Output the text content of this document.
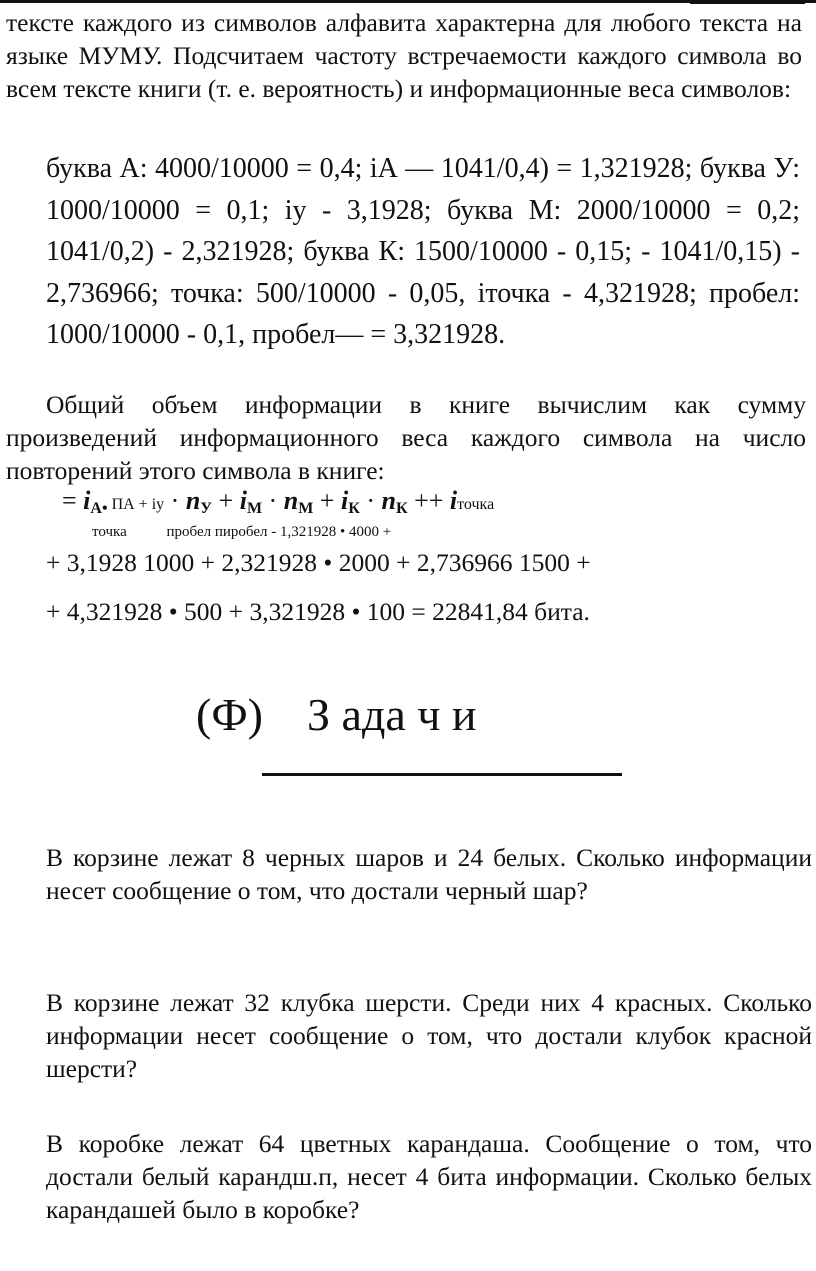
тексте каждого из символов алфавита характерна для любого текста на языке МУМУ. Подсчитаем частоту встречаемости каждого символа во всем тексте книги (т. е. вероятность) и информационные веса символов:

буква А: 4000/10000 = 0,4; iА — 1041/0,4) = 1,321928; буква У: 1000/10000 = 0,1; iу - 3,1928; буква М: 2000/10000 = 0,2; 1041/0,2) - 2,321928; буква К: 1500/10000 - 0,15; - 1041/0,15) - 2,736966; точка: 500/10000 - 0,05, iточка - 4,321928; пробел: 1000/10000 - 0,1, пробел— = 3,321928.

Общий объем информации в книге вычислим как сумму произведений информационного веса каждого символа на число повторений этого символа в книге:

= $i_{А•}$ ПА + iу · $n_У + i_М \cdot n_М + i_К \cdot n_К$ ++ iточка
точка	пробел пиробел - 1,321928 • 4000 +
+ 3,1928 1000 + 2,321928 • 2000 + 2,736966 1500 +
+ 4,321928 • 500 + 3,321928 • 100 = 22841,84 бита.
(Ф) З ада ч и

В корзине лежат 8 черных шаров и 24 белых. Сколько информации несет сообщение о том, что достали черный шар?

В корзине лежат 32 клубка шерсти. Среди них 4 красных. Сколько информации несет сообщение о том, что достали клубок красной шерсти?

В коробке лежат 64 цветных карандаша. Сообщение о том, что достали белый карандш.п, несет 4 бита информации. Сколько белых карандашей было в коробке?
